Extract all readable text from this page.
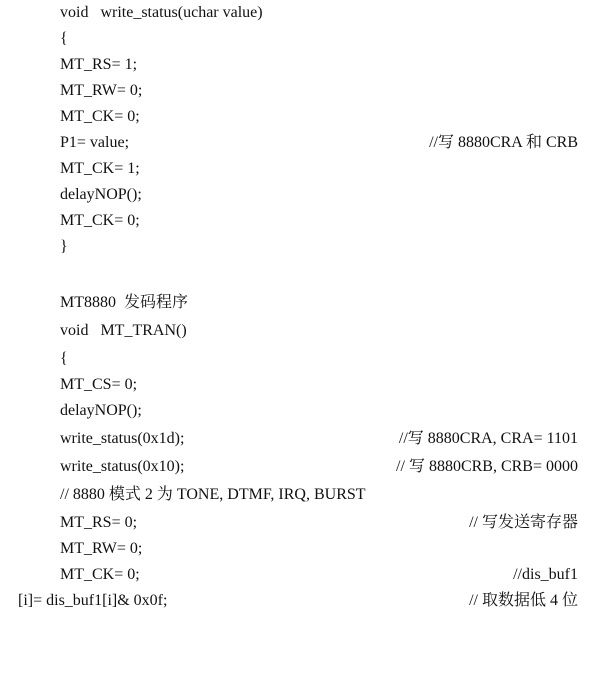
void   write_status(uchar value)

{

MT_RS= 1;

MT_RW= 0;

MT_CK= 0;

P1= value;

	//写 8880CRA 和 CRB

MT_CK= 1;

delayNOP();

MT_CK= 0;

}

MT8880  发码程序

void   MT_TRAN()

{

MT_CS= 0;

delayNOP();

write_status(0x1d);

	//写 8880CRA, CRA= 1101

write_status(0x10);

	// 写 8880CRB, CRB= 0000

// 8880 模式 2 为 TONE, DTMF, IRQ, BURST

MT_RS= 0;

	// 写发送寄存器

MT_RW= 0;

MT_CK= 0;

	//dis_buf1

[i]= dis_buf1[i]& 0x0f;

	// 取数据低 4 位
